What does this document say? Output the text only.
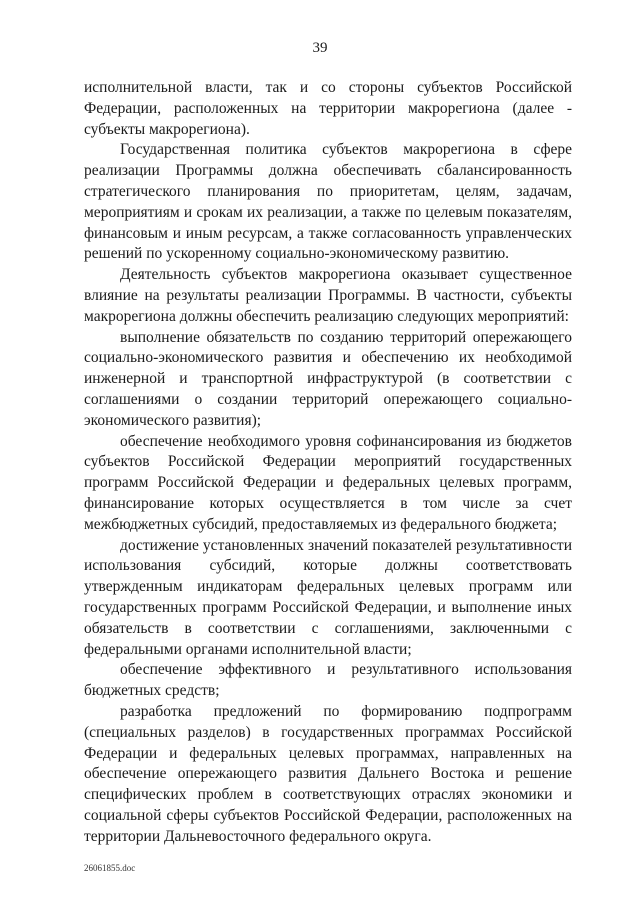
39

исполнительной власти, так и со стороны субъектов Российской Федерации, расположенных на территории макрорегиона (далее - субъекты макрорегиона).

Государственная политика субъектов макрорегиона в сфере реализации Программы должна обеспечивать сбалансированность стратегического планирования по приоритетам, целям, задачам, мероприятиям и срокам их реализации, а также по целевым показателям, финансовым и иным ресурсам, а также согласованность управленческих решений по ускоренному социально-экономическому развитию.

Деятельность субъектов макрорегиона оказывает существенное влияние на результаты реализации Программы. В частности, субъекты макрорегиона должны обеспечить реализацию следующих мероприятий:

выполнение обязательств по созданию территорий опережающего социально-экономического развития и обеспечению их необходимой инженерной и транспортной инфраструктурой (в соответствии с соглашениями о создании территорий опережающего социально-экономического развития);

обеспечение необходимого уровня софинансирования из бюджетов субъектов Российской Федерации мероприятий государственных программ Российской Федерации и федеральных целевых программ, финансирование которых осуществляется в том числе за счет межбюджетных субсидий, предоставляемых из федерального бюджета;

достижение установленных значений показателей результативности использования субсидий, которые должны соответствовать утвержденным индикаторам федеральных целевых программ или государственных программ Российской Федерации, и выполнение иных обязательств в соответствии с соглашениями, заключенными с федеральными органами исполнительной власти;

обеспечение эффективного и результативного использования бюджетных средств;

разработка предложений по формированию подпрограмм (специальных разделов) в государственных программах Российской Федерации и федеральных целевых программах, направленных на обеспечение опережающего развития Дальнего Востока и решение специфических проблем в соответствующих отраслях экономики и социальной сферы субъектов Российской Федерации, расположенных на территории Дальневосточного федерального округа.

26061855.doc
